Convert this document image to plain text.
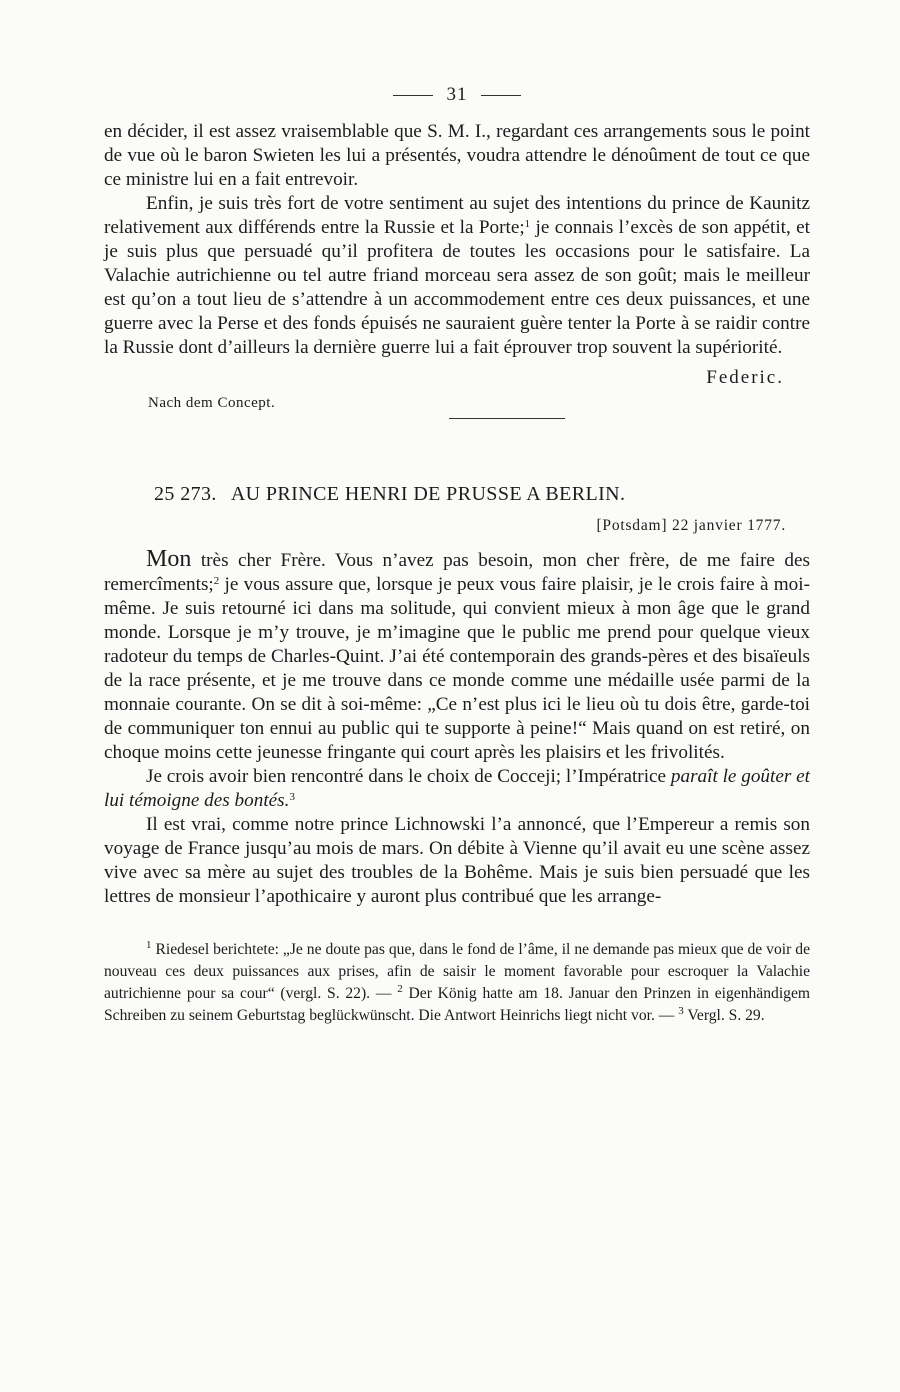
31

en décider, il est assez vraisemblable que S. M. I., regardant ces arrangements sous le point de vue où le baron Swieten les lui a présentés, voudra attendre le dénoûment de tout ce que ce ministre lui en a fait entrevoir.

Enfin, je suis très fort de votre sentiment au sujet des intentions du prince de Kaunitz relativement aux différends entre la Russie et la Porte;$^1$ je connais l’excès de son appétit, et je suis plus que persuadé qu’il profitera de toutes les occasions pour le satisfaire. La Valachie autrichienne ou tel autre friand morceau sera assez de son goût; mais le meilleur est qu’on a tout lieu de s’attendre à un accommodement entre ces deux puissances, et une guerre avec la Perse et des fonds épuisés ne sauraient guère tenter la Porte à se raidir contre la Russie dont d’ailleurs la dernière guerre lui a fait éprouver trop souvent la supériorité.

Federic.
Nach dem Concept.
25 273. AU PRINCE HENRI DE PRUSSE A BERLIN.
[Potsdam] 22 janvier 1777.

Mon très cher Frère. Vous n’avez pas besoin, mon cher frère, de me faire des remercîments;$^2$ je vous assure que, lorsque je peux vous faire plaisir, je le crois faire à moi-même. Je suis retourné ici dans ma solitude, qui convient mieux à mon âge que le grand monde. Lorsque je m’y trouve, je m’imagine que le public me prend pour quelque vieux radoteur du temps de Charles-Quint. J’ai été contemporain des grands-pères et des bisaïeuls de la race présente, et je me trouve dans ce monde comme une médaille usée parmi de la monnaie courante. On se dit à soi-même: „Ce n’est plus ici le lieu où tu dois être, garde-toi de communiquer ton ennui au public qui te supporte à peine!“ Mais quand on est retiré, on choque moins cette jeunesse fringante qui court après les plaisirs et les frivolités.

Je crois avoir bien rencontré dans le choix de Cocceji; l’Impératrice paraît le goûter et lui témoigne des bontés.$^3$

Il est vrai, comme notre prince Lichnowski l’a annoncé, que l’Empereur a remis son voyage de France jusqu’au mois de mars. On débite à Vienne qu’il avait eu une scène assez vive avec sa mère au sujet des troubles de la Bohême. Mais je suis bien persuadé que les lettres de monsieur l’apothicaire y auront plus contribué que les arrange-

$^1$ Riedesel berichtete: „Je ne doute pas que, dans le fond de l’âme, il ne demande pas mieux que de voir de nouveau ces deux puissances aux prises, afin de saisir le moment favorable pour escroquer la Valachie autrichienne pour sa cour“ (vergl. S. 22). — $^2$ Der König hatte am 18. Januar den Prinzen in eigenhändigem Schreiben zu seinem Geburtstag beglückwünscht. Die Antwort Heinrichs liegt nicht vor. — $^3$ Vergl. S. 29.
